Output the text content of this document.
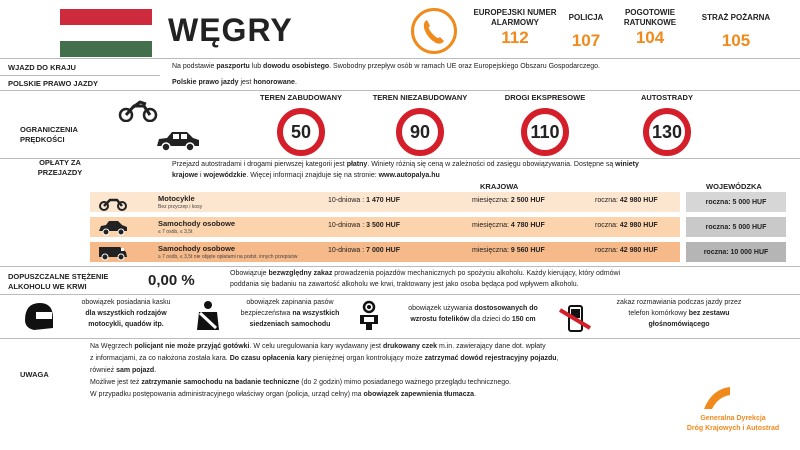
WĘGRY	EUROPEJSKI NUMER ALARMOWY
112
POLICJA
107
POGOTOWIE RATUNKOWE
104
STRAŻ POŻARNA
105
WJAZD DO KRAJU
POLSKIE PRAWO JAZDY
Na podstawie paszportu lub dowodu osobistego. Swobodny przepływ osób w ramach UE oraz Europejskiego Obszaru Gospodarczego.
Polskie prawo jazdy jest honorowane.
OGRANICZENIA PRĘDKOŚCI
TEREN ZABUDOWANY	TEREN NIEZABUDOWANY	DROGI EKSPRESOWE	AUTOSTRADY
50	90	110	130
OPŁATY ZA PRZEJAZDY
Przejazd autostradami i drogami pierwszej kategorii jest płatny. Winiety różnią się ceną w zależności od zasięgu obowiązywania. Dostępne są winiety
krajowe i wojewódzkie. Więcej informacji znajduje się na stronie: www.autopalya.hu
KRAJOWA	WOJEWÓDZKA
Motocykle
Bez przyczep i kosy
10-dniowa : 1 470 HUF	miesięczna: 2 500 HUF	roczna: 42 980 HUF	roczna: 5 000 HUF
Samochody osobowe
≤ 7 osób, ≤ 3,5t
10-dniowa : 3 500 HUF	miesięczna: 4 780 HUF	roczna: 42 980 HUF	roczna: 5 000 HUF
Samochody osobowe
≥ 7 osób, ≤ 3,5t nie objęte opłatami na podst. innych przepisów
10-dniowa : 7 000 HUF	miesięczna: 9 560 HUF	roczna: 42 980 HUF	roczna: 10 000 HUF
DOPUSZCZALNE STĘŻENIE ALKOHOLU WE KRWI	0,00 %	Obowiązuje bezwzględny zakaz prowadzenia pojazdów mechanicznych po spożyciu alkoholu. Każdy kierujący, który odmówi
poddania się badaniu na zawartość alkoholu we krwi, traktowany jest jako osoba będąca pod wpływem alkoholu.
obowiązek posiadania kasku
dla wszystkich rodzajów
motocykli, quadów itp.
obowiązek zapinania pasów
bezpieczeństwa na wszystkich
siedzeniach samochodu
obowiązek używania dostosowanych do
wzrostu fotelików dla dzieci do 150 cm
zakaz rozmawiania podczas jazdy przez
telefon komórkowy bez zestawu
głośnomówiącego
UWAGA
Na Węgrzech policjant nie może przyjąć gotówki. W celu uregulowania kary wydawany jest drukowany czek m.in. zawierający dane dot. wpłaty
z informacjami, za co nałożona została kara. Do czasu opłacenia kary pieniężnej organ kontrolujący może zatrzymać dowód rejestracyjny pojazdu,
również sam pojazd.
Możliwe jest też zatrzymanie samochodu na badanie techniczne (do 2 godzin) mimo posiadanego ważnego przeglądu technicznego.
W przypadku postępowania administracyjnego właściwy organ (policja, urząd celny) ma obowiązek zapewnienia tłumacza.
Generalna Dyrekcja
Dróg Krajowych i Autostrad
